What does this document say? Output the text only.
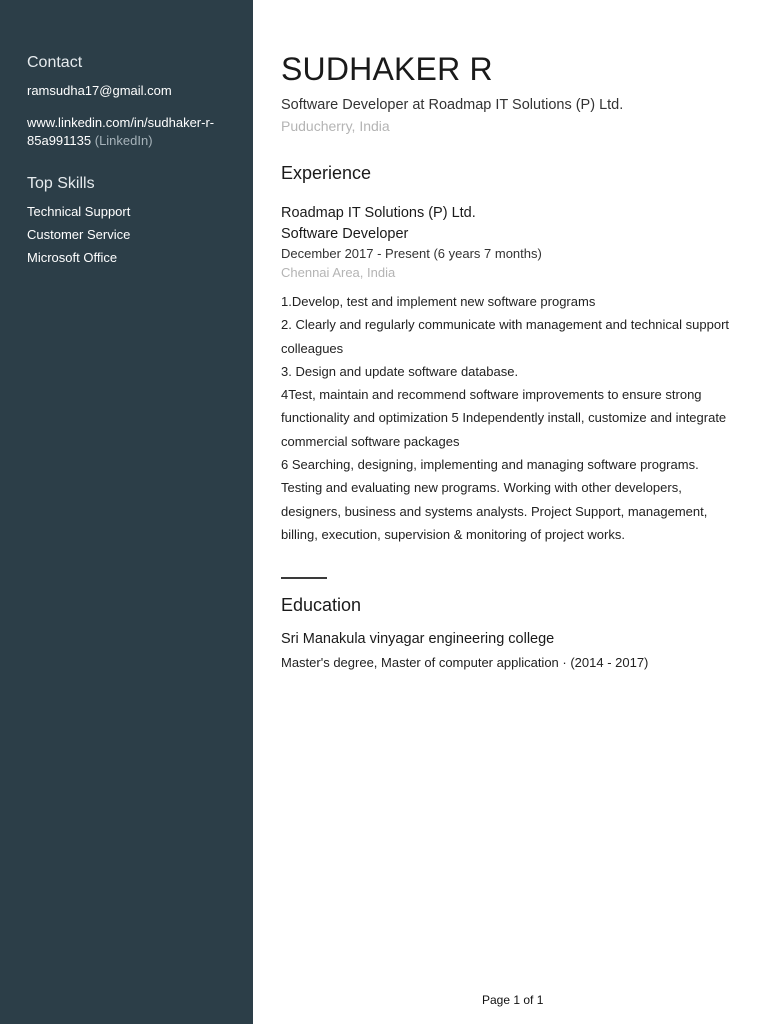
Contact

ramsudha17@gmail.com

www.linkedin.com/in/sudhaker-r-85a991135 (LinkedIn)

Top Skills

Technical Support

Customer Service

Microsoft Office

SUDHAKER R
Software Developer at Roadmap IT Solutions (P) Ltd.
Puducherry, India
Experience
Roadmap IT Solutions (P) Ltd.
Software Developer
December 2017 - Present (6 years 7 months)
Chennai Area, India
1.Develop, test and implement new software programs
2. Clearly and regularly communicate with management and technical support
colleagues
3. Design and update software database.
4Test, maintain and recommend software improvements to ensure strong
functionality and optimization 5 Independently install, customize and integrate
commercial software packages
6 Searching, designing, implementing and managing software programs.
Testing and evaluating new programs. Working with other developers,
designers, business and systems analysts. Project Support, management,
billing, execution, supervision & monitoring of project works.
Education
Sri Manakula vinyagar engineering college
Master's degree, Master of computer application · (2014 - 2017)
Page 1 of 1
